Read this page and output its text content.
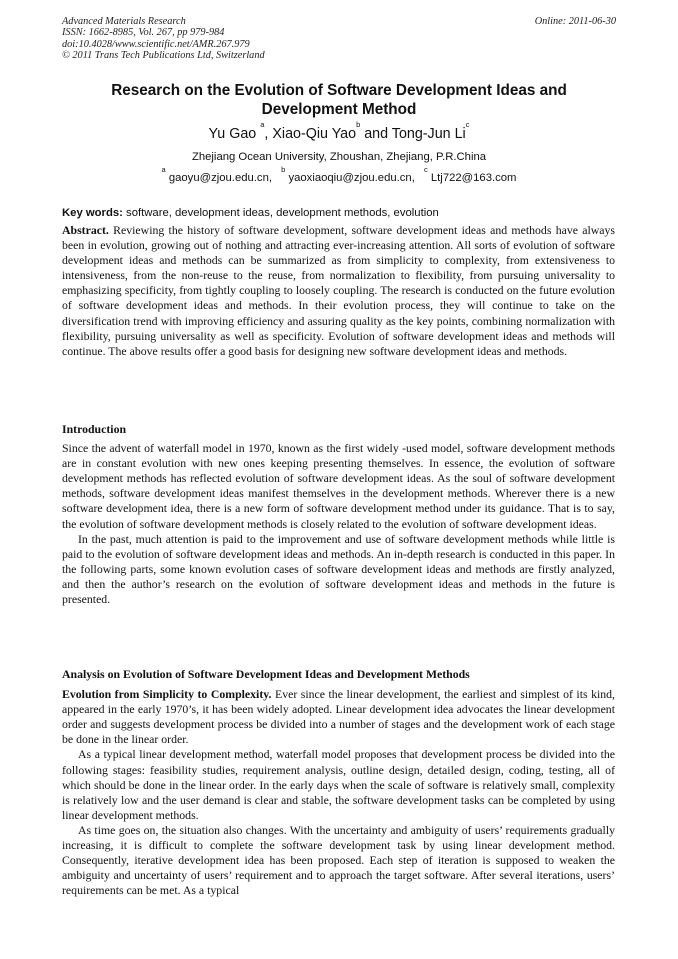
Advanced Materials Research
ISSN: 1662-8985, Vol. 267, pp 979-984
doi:10.4028/www.scientific.net/AMR.267.979
© 2011 Trans Tech Publications Ltd, Switzerland
Online: 2011-06-30
Research on the Evolution of Software Development Ideas and
Development Method
Yu Gao $^a$, Xiao-Qiu Yao$^b$ and Tong-Jun Li$^c$
Zhejiang Ocean University, Zhoushan, Zhejiang, P.R.China
$^a$ gaoyu@zjou.edu.cn, $^b$ yaoxiaoqiu@zjou.edu.cn, $^c$ Ltj722@163.com
Key words: software, development ideas, development methods, evolution

Abstract. Reviewing the history of software development, software development ideas and methods have always been in evolution, growing out of nothing and attracting ever-increasing attention. All sorts of evolution of software development ideas and methods can be summarized as from simplicity to complexity, from extensiveness to intensiveness, from the non-reuse to the reuse, from normalization to flexibility, from pursuing universality to emphasizing specificity, from tightly coupling to loosely coupling. The research is conducted on the future evolution of software development ideas and methods. In their evolution process, they will continue to take on the diversification trend with improving efficiency and assuring quality as the key points, combining normalization with flexibility, pursuing universality as well as specificity. Evolution of software development ideas and methods will continue. The above results offer a good basis for designing new software development ideas and methods.

Introduction

Since the advent of waterfall model in 1970, known as the first widely -used model, software development methods are in constant evolution with new ones keeping presenting themselves. In essence, the evolution of software development methods has reflected evolution of software development ideas. As the soul of software development methods, software development ideas manifest themselves in the development methods. Wherever there is a new software development idea, there is a new form of software development method under its guidance. That is to say, the evolution of software development methods is closely related to the evolution of software development ideas.

In the past, much attention is paid to the improvement and use of software development methods while little is paid to the evolution of software development ideas and methods. An in-depth research is conducted in this paper. In the following parts, some known evolution cases of software development ideas and methods are firstly analyzed, and then the author’s research on the evolution of software development ideas and methods in the future is presented.

Analysis on Evolution of Software Development Ideas and Development Methods

Evolution from Simplicity to Complexity. Ever since the linear development, the earliest and simplest of its kind, appeared in the early 1970’s, it has been widely adopted. Linear development idea advocates the linear development order and suggests development process be divided into a number of stages and the development work of each stage be done in the linear order.

As a typical linear development method, waterfall model proposes that development process be divided into the following stages: feasibility studies, requirement analysis, outline design, detailed design, coding, testing, all of which should be done in the linear order. In the early days when the scale of software is relatively small, complexity is relatively low and the user demand is clear and stable, the software development tasks can be completed by using linear development methods.

As time goes on, the situation also changes. With the uncertainty and ambiguity of users’ requirements gradually increasing, it is difficult to complete the software development task by using linear development method. Consequently, iterative development idea has been proposed. Each step of iteration is supposed to weaken the ambiguity and uncertainty of users’ requirement and to approach the target software. After several iterations, users’ requirements can be met. As a typical
